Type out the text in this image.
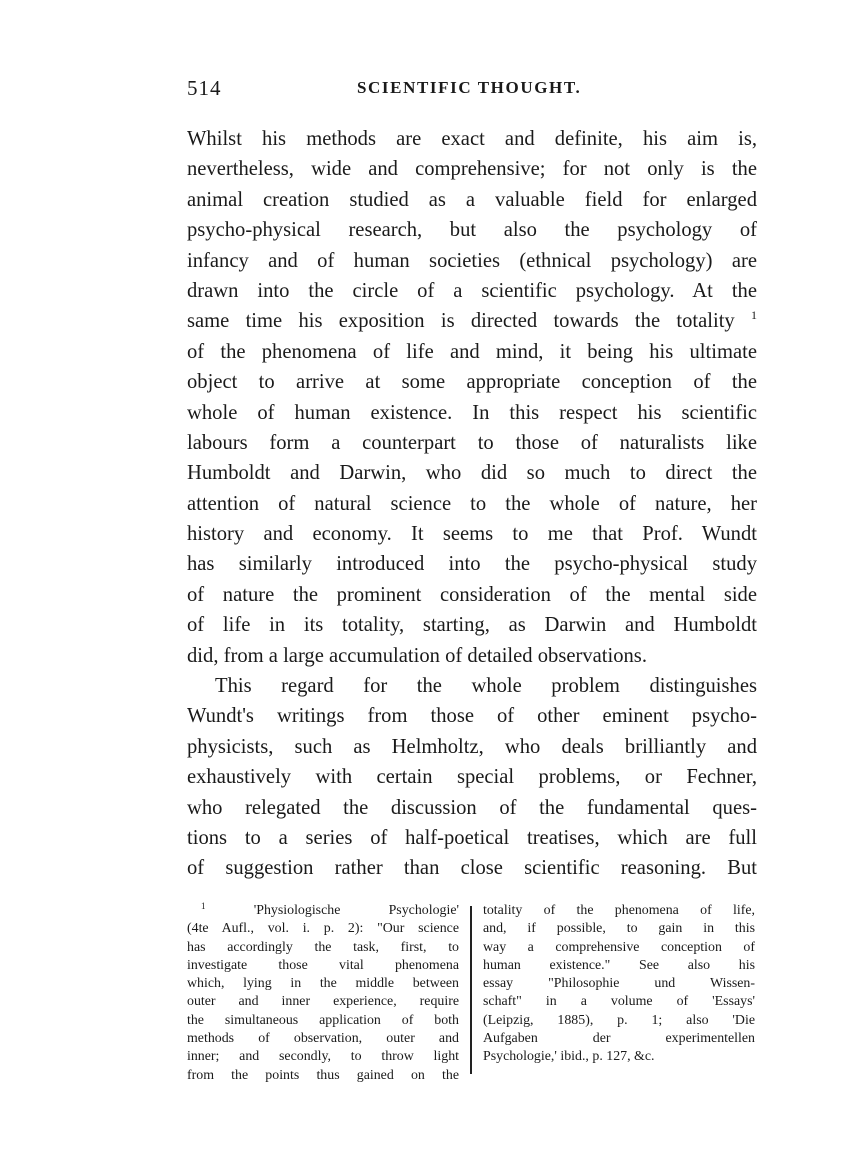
514	SCIENTIFIC THOUGHT.
Whilst his methods are exact and definite, his aim is,
nevertheless, wide and comprehensive; for not only is the
animal creation studied as a valuable field for enlarged
psycho-physical research, but also the psychology of
infancy and of human societies (ethnical psychology) are
drawn into the circle of a scientific psychology. At the
same time his exposition is directed towards the totality $^1$
of the phenomena of life and mind, it being his ultimate
object to arrive at some appropriate conception of the
whole of human existence. In this respect his scientific
labours form a counterpart to those of naturalists like
Humboldt and Darwin, who did so much to direct the
attention of natural science to the whole of nature, her
history and economy. It seems to me that Prof. Wundt
has similarly introduced into the psycho-physical study
of nature the prominent consideration of the mental side
of life in its totality, starting, as Darwin and Humboldt
did, from a large accumulation of detailed observations.
This regard for the whole problem distinguishes
Wundt's writings from those of other eminent psycho-
physicists, such as Helmholtz, who deals brilliantly and
exhaustively with certain special problems, or Fechner,
who relegated the discussion of the fundamental ques-
tions to a series of half-poetical treatises, which are full
of suggestion rather than close scientific reasoning. But
$^1$	'Physiologische Psychologie'
(4te Aufl., vol. i. p. 2): "Our science
has accordingly the task, first, to
investigate those vital phenomena
which, lying in the middle between
outer and inner experience, require
the simultaneous application of both
methods of observation, outer and
inner; and secondly, to throw light
from the points thus gained on the
totality of the phenomena of life,
and, if possible, to gain in this
way a comprehensive conception of
human existence." See also his
essay "Philosophie und Wissen-
schaft" in a volume of 'Essays'
(Leipzig, 1885), p. 1; also 'Die
Aufgaben der experimentellen
Psychologie,' ibid., p. 127, &c.
